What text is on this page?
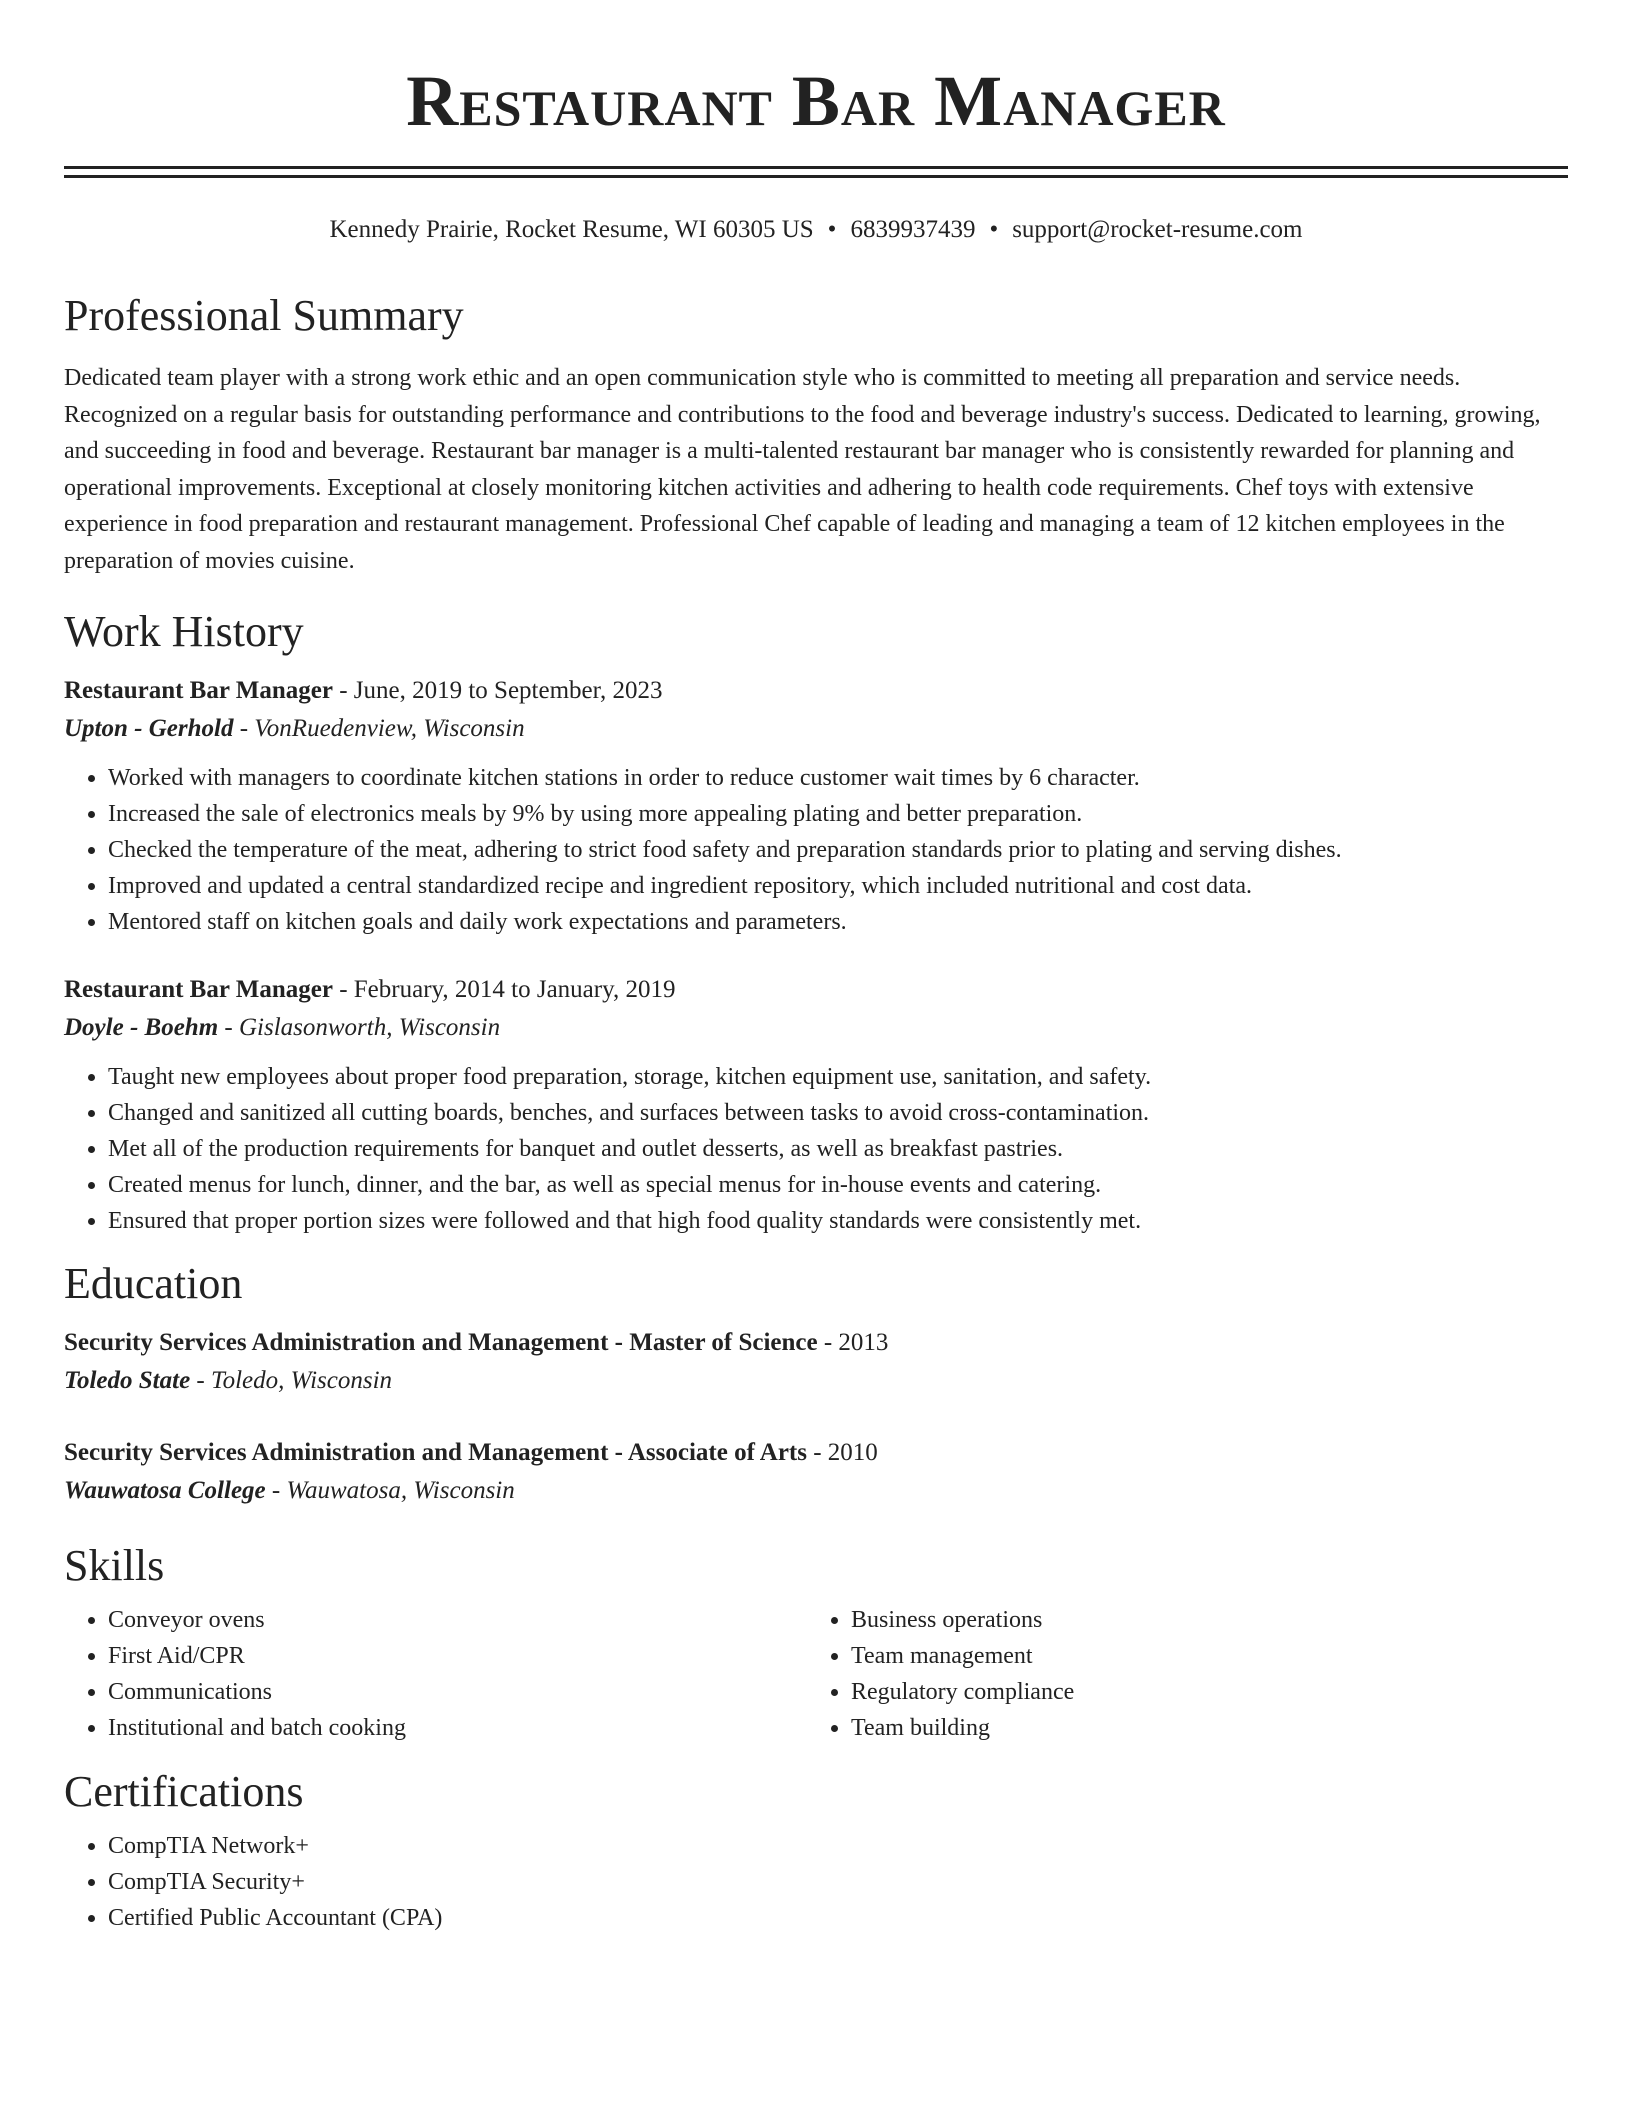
Restaurant Bar Manager
Kennedy Prairie, Rocket Resume, WI 60305 US • 6839937439 • support@rocket-resume.com
Professional Summary

Dedicated team player with a strong work ethic and an open communication style who is committed to meeting all preparation and service needs. Recognized on a regular basis for outstanding performance and contributions to the food and beverage industry's success. Dedicated to learning, growing, and succeeding in food and beverage. Restaurant bar manager is a multi-talented restaurant bar manager who is consistently rewarded for planning and operational improvements. Exceptional at closely monitoring kitchen activities and adhering to health code requirements. Chef toys with extensive experience in food preparation and restaurant management. Professional Chef capable of leading and managing a team of 12 kitchen employees in the preparation of movies cuisine.

Work History
Restaurant Bar Manager - June, 2019 to September, 2023
Upton - Gerhold - VonRuedenview, Wisconsin
• Worked with managers to coordinate kitchen stations in order to reduce customer wait times by 6 character.
• Increased the sale of electronics meals by 9% by using more appealing plating and better preparation.
• Checked the temperature of the meat, adhering to strict food safety and preparation standards prior to plating and serving dishes.
• Improved and updated a central standardized recipe and ingredient repository, which included nutritional and cost data.
• Mentored staff on kitchen goals and daily work expectations and parameters.
Restaurant Bar Manager - February, 2014 to January, 2019
Doyle - Boehm - Gislasonworth, Wisconsin
• Taught new employees about proper food preparation, storage, kitchen equipment use, sanitation, and safety.
• Changed and sanitized all cutting boards, benches, and surfaces between tasks to avoid cross-contamination.
• Met all of the production requirements for banquet and outlet desserts, as well as breakfast pastries.
• Created menus for lunch, dinner, and the bar, as well as special menus for in-house events and catering.
• Ensured that proper portion sizes were followed and that high food quality standards were consistently met.
Education
Security Services Administration and Management - Master of Science - 2013
Toledo State - Toledo, Wisconsin
Security Services Administration and Management - Associate of Arts - 2010
Wauwatosa College - Wauwatosa, Wisconsin
Skills
• Conveyor ovens
• First Aid/CPR
• Communications
• Institutional and batch cooking
• Business operations
• Team management
• Regulatory compliance
• Team building
Certifications
• CompTIA Network+
• CompTIA Security+
• Certified Public Accountant (CPA)
